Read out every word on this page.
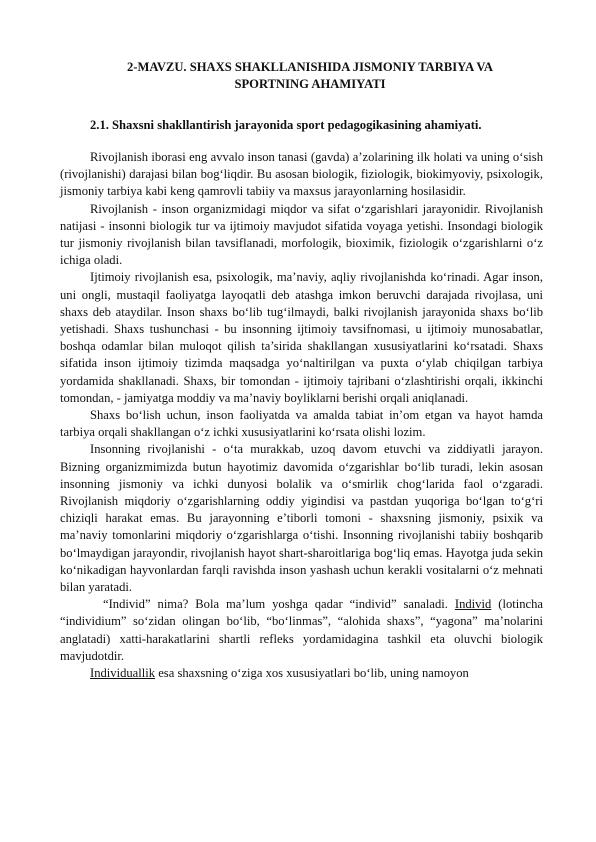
2-MAVZU. SHAXS SHAKLLANISHIDA JISMONIY TARBIYA VA
SPORTNING AHAMIYATI
2.1. Shaxsni shakllantirish jarayonida sport pedagogikasining ahamiyati.

Rivojlanish iborasi eng avvalo inson tanasi (gavda) a’zolarining ilk holati va uning o‘sish (rivojlanishi) darajasi bilan bog‘liqdir. Bu asosan biologik, fiziologik, biokimyoviy, psixologik, jismoniy tarbiya kabi keng qamrovli tabiiy va maxsus jarayonlarning hosilasidir.

Rivojlanish - inson organizmidagi miqdor va sifat o‘zgarishlari jarayonidir. Rivojlanish natijasi - insonni biologik tur va ijtimoiy mavjudot sifatida voyaga yetishi. Insondagi biologik tur jismoniy rivojlanish bilan tavsiflanadi, morfologik, bioximik, fiziologik o‘zgarishlarni o‘z ichiga oladi.

Ijtimoiy rivojlanish esa, psixologik, ma’naviy, aqliy rivojlanishda ko‘rinadi. Agar inson, uni ongli, mustaqil faoliyatga layoqatli deb atashga imkon beruvchi darajada rivojlasa, uni shaxs deb ataydilar. Inson shaxs bo‘lib tug‘ilmaydi, balki rivojlanish jarayonida shaxs bo‘lib yetishadi. Shaxs tushunchasi - bu insonning ijtimoiy tavsifnomasi, u ijtimoiy munosabatlar, boshqa odamlar bilan muloqot qilish ta’sirida shakllangan xususiyatlarini ko‘rsatadi. Shaxs sifatida inson ijtimoiy tizimda maqsadga yo‘naltirilgan va puxta o‘ylab chiqilgan tarbiya yordamida shakllanadi. Shaxs, bir tomondan - ijtimoiy tajribani o‘zlashtirishi orqali, ikkinchi tomondan, - jamiyatga moddiy va ma’naviy boyliklarni berishi orqali aniqlanadi.

Shaxs bo‘lish uchun, inson faoliyatda va amalda tabiat in’om etgan va hayot hamda tarbiya orqali shakllangan o‘z ichki xususiyatlarini ko‘rsata olishi lozim.

Insonning rivojlanishi - o‘ta murakkab, uzoq davom etuvchi va ziddiyatli jarayon. Bizning organizmimizda butun hayotimiz davomida o‘zgarishlar bo‘lib turadi, lekin asosan insonning jismoniy va ichki dunyosi bolalik va o‘smirlik chog‘larida faol o‘zgaradi. Rivojlanish miqdoriy o‘zgarishlarning oddiy yigindisi va pastdan yuqoriga bo‘lgan to‘g‘ri chiziqli harakat emas. Bu jarayonning e’tiborli tomoni - shaxsning jismoniy, psixik va ma’naviy tomonlarini miqdoriy o‘zgarishlarga o‘tishi. Insonning rivojlanishi tabiiy boshqarib bo‘lmaydigan jarayondir, rivojlanish hayot shart-sharoitlariga bog‘liq emas. Hayotga juda sekin ko‘nikadigan hayvonlardan farqli ravishda inson yashash uchun kerakli vositalarni o‘z mehnati bilan yaratadi.

“Individ” nima? Bola ma’lum yoshga qadar “individ” sanaladi. Individ (lotincha “individium” so‘zidan olingan bo‘lib, “bo‘linmas”, “alohida shaxs”, “yagona” ma’nolarini anglatadi) xatti-harakatlarini shartli refleks yordamidagina tashkil eta oluvchi biologik mavjudotdir.

Individuallik esa shaxsning o‘ziga xos xususiyatlari bo‘lib, uning namoyon
